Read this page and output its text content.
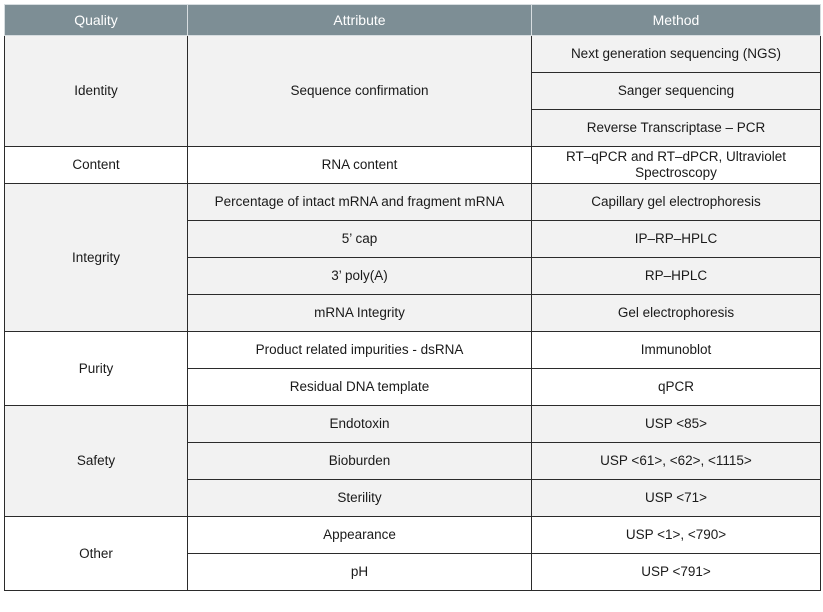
Quality	Attribute	Method
Identity	Sequence confirmation	Next generation sequencing (NGS)
		Sanger sequencing
		Reverse Transcriptase – PCR
Content	RNA content	RT–qPCR and RT–dPCR, Ultraviolet Spectroscopy
Integrity	Percentage of intact mRNA and fragment mRNA	Capillary gel electrophoresis
	5’ cap	IP–RP–HPLC
	3’ poly(A)	RP–HPLC
	mRNA Integrity	Gel electrophoresis
Purity	Product related impurities - dsRNA	Immunoblot
	Residual DNA template	qPCR
Safety	Endotoxin	USP <85>
	Bioburden	USP <61>, <62>, <1115>
	Sterility	USP <71>
Other	Appearance	USP <1>, <790>
	pH	USP <791>
